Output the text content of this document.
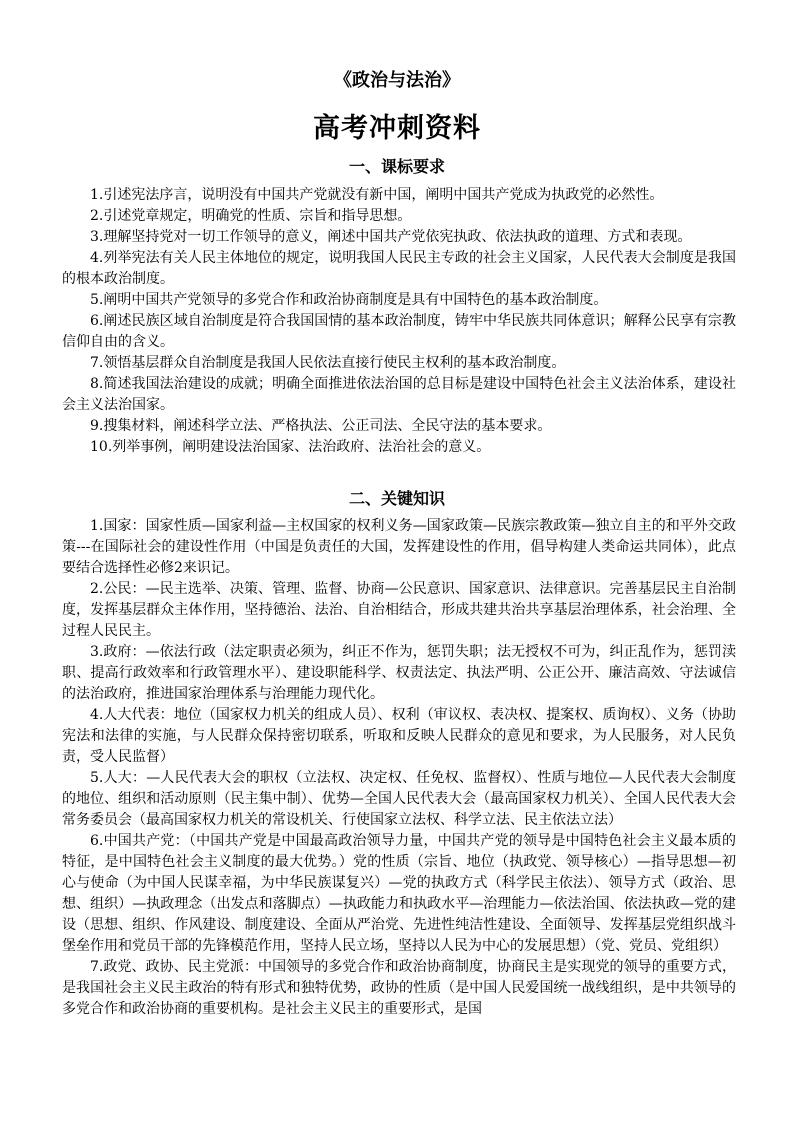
《政治与法治》
高考冲刺资料
一、课标要求

1.引述宪法序言，说明没有中国共产党就没有新中国，阐明中国共产党成为执政党的必然性。

2.引述党章规定，明确党的性质、宗旨和指导思想。

3.理解坚持党对一切工作领导的意义，阐述中国共产党依宪执政、依法执政的道理、方式和表现。

4.列举宪法有关人民主体地位的规定，说明我国人民民主专政的社会主义国家，人民代表大会制度是我国的根本政治制度。

5.阐明中国共产党领导的多党合作和政治协商制度是具有中国特色的基本政治制度。

6.阐述民族区域自治制度是符合我国国情的基本政治制度，铸牢中华民族共同体意识；解释公民享有宗教信仰自由的含义。

7.领悟基层群众自治制度是我国人民依法直接行使民主权利的基本政治制度。

8.简述我国法治建设的成就；明确全面推进依法治国的总目标是建设中国特色社会主义法治体系，建设社会主义法治国家。

9.搜集材料，阐述科学立法、严格执法、公正司法、全民守法的基本要求。

10.列举事例，阐明建设法治国家、法治政府、法治社会的意义。

二、关键知识

1.国家：国家性质—国家利益—主权国家的权利义务—国家政策—民族宗教政策—独立自主的和平外交政策---在国际社会的建设性作用（中国是负责任的大国，发挥建设性的作用，倡导构建人类命运共同体），此点要结合选择性必修2来识记。

2.公民：—民主选举、决策、管理、监督、协商—公民意识、国家意识、法律意识。完善基层民主自治制度，发挥基层群众主体作用，坚持德治、法治、自治相结合，形成共建共治共享基层治理体系，社会治理、全过程人民民主。

3.政府：—依法行政（法定职责必须为，纠正不作为，惩罚失职；法无授权不可为，纠正乱作为，惩罚渎职、提高行政效率和行政管理水平）、建设职能科学、权责法定、执法严明、公正公开、廉洁高效、守法诚信的法治政府，推进国家治理体系与治理能力现代化。

4.人大代表：地位（国家权力机关的组成人员）、权利（审议权、表决权、提案权、质询权）、义务（协助宪法和法律的实施，与人民群众保持密切联系，听取和反映人民群众的意见和要求，为人民服务，对人民负责，受人民监督）

5.人大：—人民代表大会的职权（立法权、决定权、任免权、监督权）、性质与地位—人民代表大会制度的地位、组织和活动原则（民主集中制）、优势—全国人民代表大会（最高国家权力机关）、全国人民代表大会常务委员会（最高国家权力机关的常设机关、行使国家立法权、科学立法、民主依法立法）

6.中国共产党：（中国共产党是中国最高政治领导力量，中国共产党的领导是中国特色社会主义最本质的特征，是中国特色社会主义制度的最大优势。）党的性质（宗旨、地位（执政党、领导核心）—指导思想—初心与使命（为中国人民谋幸福，为中华民族谋复兴）—党的执政方式（科学民主依法）、领导方式（政治、思想、组织）—执政理念（出发点和落脚点）—执政能力和执政水平—治理能力—依法治国、依法执政—党的建设（思想、组织、作风建设、制度建设、全面从严治党、先进性纯洁性建设、全面领导、发挥基层党组织战斗堡垒作用和党员干部的先锋模范作用，坚持人民立场，坚持以人民为中心的发展思想）（党、党员、党组织）

7.政党、政协、民主党派：中国领导的多党合作和政治协商制度，协商民主是实现党的领导的重要方式，是我国社会主义民主政治的特有形式和独特优势，政协的性质（是中国人民爱国统一战线组织，是中共领导的多党合作和政治协商的重要机构。是社会主义民主的重要形式，是国
